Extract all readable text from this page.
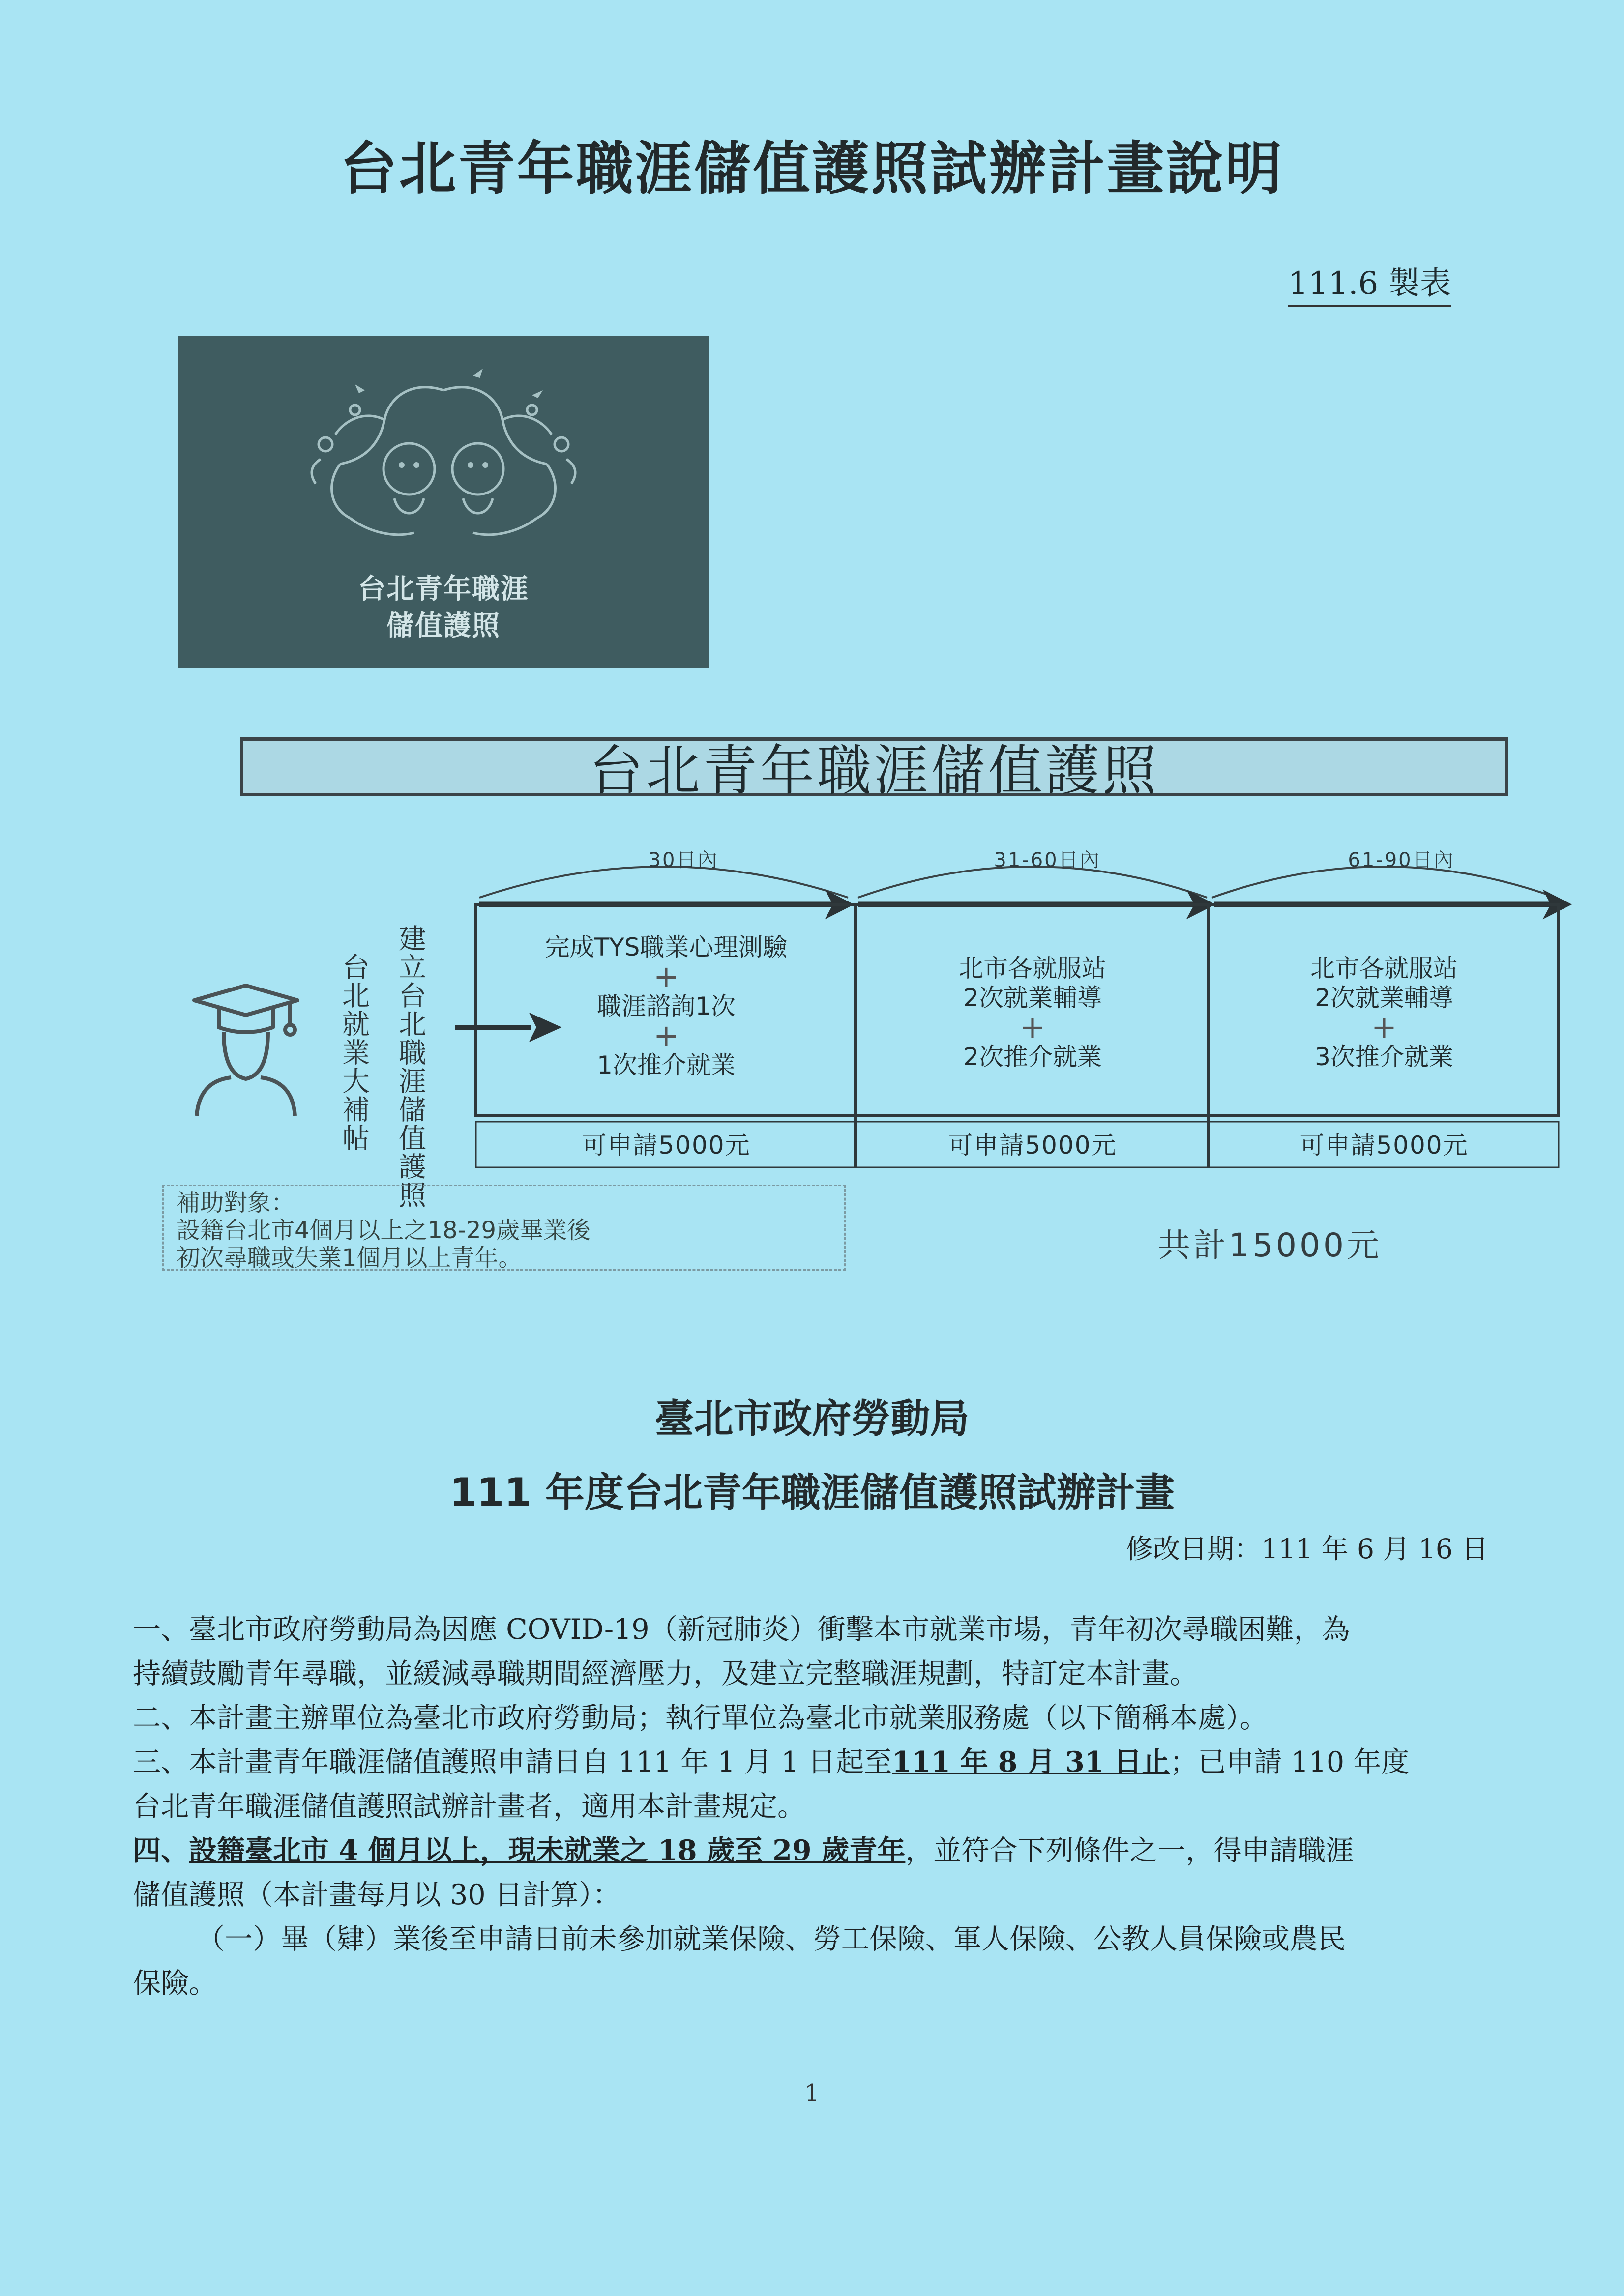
台北青年職涯儲值護照試辦計畫說明
111.6 製表
台北青年職涯
儲值護照
台北青年職涯儲值護照
30日內	31-60日內	61-90日內
建立台北職涯儲值護照
台北就業大補帖
完成TYS職業心理測驗
+
職涯諮詢1次
+
1次推介就業
北市各就服站
2次就業輔導
+
2次推介就業
北市各就服站
2次就業輔導
+
3次推介就業
可申請5000元	可申請5000元	可申請5000元
補助對象：
設籍台北市4個月以上之18-29歲畢業後
初次尋職或失業1個月以上青年。	共計15000元
臺北市政府勞動局
111 年度台北青年職涯儲值護照試辦計畫
修改日期：111 年 6 月 16 日

一、臺北市政府勞動局為因應 COVID-19（新冠肺炎）衝擊本市就業市場，青年初次尋職困難，為

持續鼓勵青年尋職，並緩減尋職期間經濟壓力，及建立完整職涯規劃，特訂定本計畫。

二、本計畫主辦單位為臺北市政府勞動局；執行單位為臺北市就業服務處（以下簡稱本處）。

三、本計畫青年職涯儲值護照申請日自 111 年 1 月 1 日起至111 年 8 月 31 日止；已申請 110 年度

台北青年職涯儲值護照試辦計畫者，適用本計畫規定。

四、設籍臺北市 4 個月以上，現未就業之 18 歲至 29 歲青年，並符合下列條件之一，得申請職涯

儲值護照（本計畫每月以 30 日計算）：

（一）畢（肄）業後至申請日前未參加就業保險、勞工保險、軍人保險、公教人員保險或農民

保險。

1
